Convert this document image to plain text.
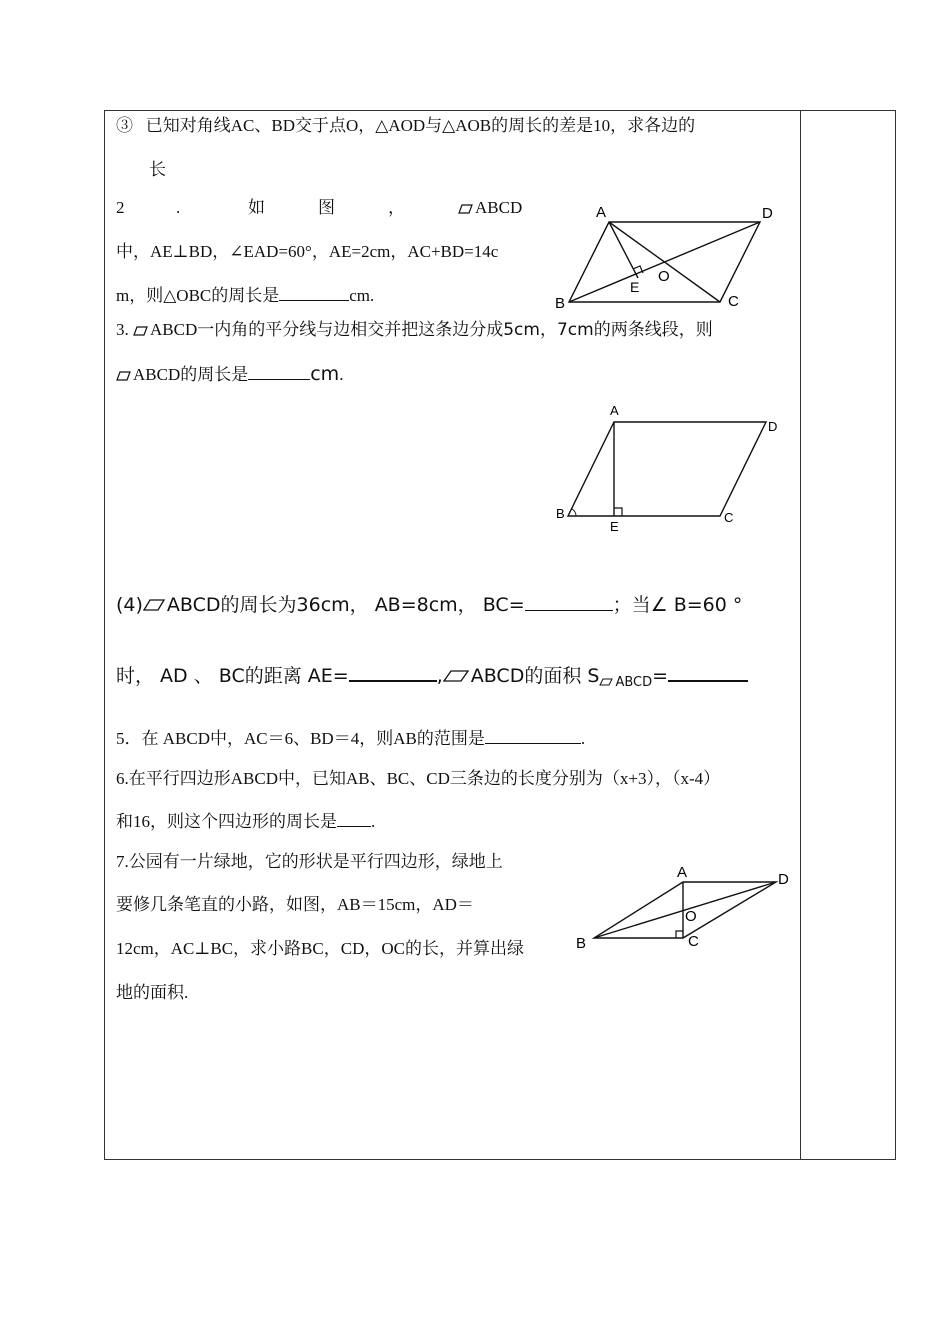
③ 已知对角线AC、BD交于点O，△AOD与△AOB的周长的差是10，求各边的
长
2	.	如	图	，	ABCD
中，AE⊥BD，∠EAD=60°，AE=2cm，AC+BD=14c
m，则△OBC的周长是	cm.
A	D
B	C
E
O
3. ABCD一内角的平分线与边相交并把这条边分成5cm，7cm的两条线段，则
ABCD的周长是	cm.
A
D
B	C
E
(4) ABCD的周长为36cm， AB=8cm， BC=	；当∠ B=60 °
时， AD 、 BC的距离 AE=	, ABCD的面积 S $_{ABCD}$=
5．在 ABCD中，AC＝6、BD＝4，则AB的范围是	.
6.在平行四边形ABCD中，已知AB、BC、CD三条边的长度分别为（x+3），（x-4）
和16，则这个四边形的周长是 .
7.公园有一片绿地，它的形状是平行四边形，绿地上
要修几条笔直的小路，如图，AB＝15cm，AD＝
12cm，AC⊥BC，求小路BC，CD，OC的长，并算出绿
地的面积.
A	D
B	C
O
